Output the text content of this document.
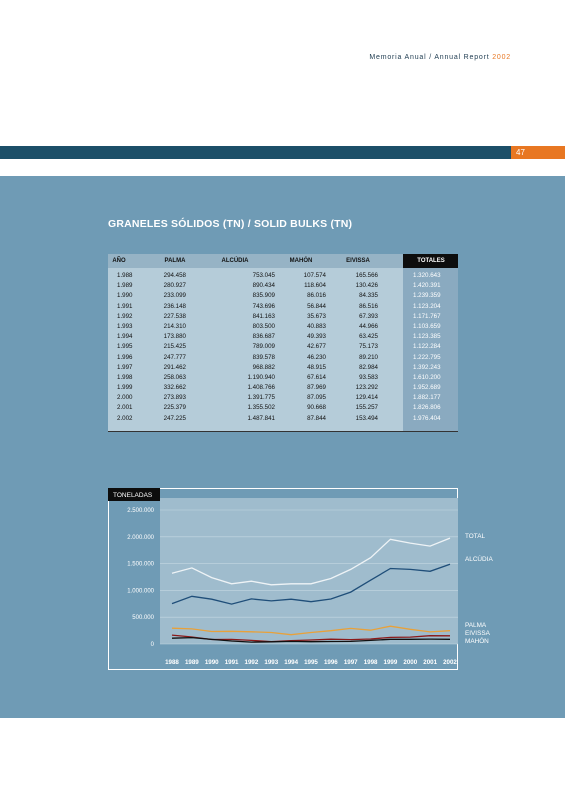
Memoria Anual / Annual Report 2002
47
GRANELES SÓLIDOS (TN) / SOLID BULKS (TN)
AÑO	PALMA	ALCÚDIA	MAHÓN	EIVISSA	TOTALES
1.988	294.458	753.045	107.574	165.566	1.320.643
1.989	280.927	890.434	118.604	130.426	1.420.391
1.990	233.099	835.909	86.016	84.335	1.239.359
1.991	236.148	743.696	56.844	86.516	1.123.204
1.992	227.538	841.163	35.673	67.393	1.171.767
1.993	214.310	803.500	40.883	44.966	1.103.659
1.994	173.880	836.687	49.393	63.425	1.123.385
1.995	215.425	789.009	42.677	75.173	1.122.284
1.996	247.777	839.578	46.230	89.210	1.222.795
1.997	291.462	968.882	48.915	82.984	1.392.243
1.998	258.063	1.190.940	67.614	93.583	1.610.200
1.999	332.662	1.408.766	87.969	123.292	1.952.689
2.000	273.893	1.391.775	87.095	129.414	1.882.177
2.001	225.379	1.355.502	90.668	155.257	1.826.806
2.002	247.225	1.487.841	87.844	153.494	1.976.404
TONELADAS
0
500.000
1.000.000
1.500.000
2.000.000
2.500.000
1988 1989 1990 1991 1992 1993 1994 1995 1996 1997 1998 1999 2000 2001 2002
TOTAL
ALCÚDIA
PALMA
EIVISSA
MAHÓN
